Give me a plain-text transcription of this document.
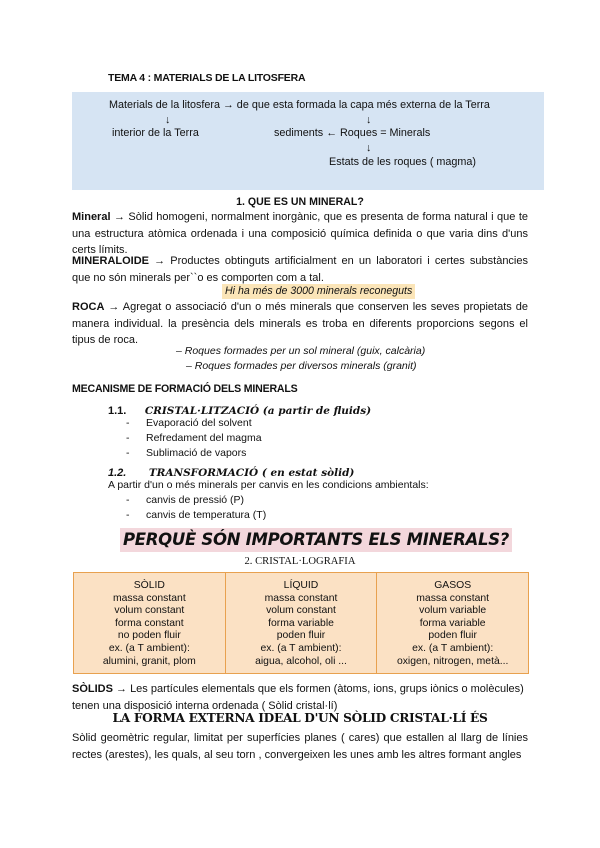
TEMA 4 : MATERIALS DE LA LITOSFERA
Materials de la litosfera → de que esta formada la capa més externa de la Terra
↓	↓
interior de la Terra	sediments ← Roques = Minerals
↓
Estats de les roques ( magma)
1. QUE ES UN MINERAL?
Mineral → Sòlid homogeni, normalment inorgànic, que es presenta de forma natural i que te una estructura atòmica ordenada i una composició química definida o que varia dins d'uns certs límits.
MINERALOIDE → Productes obtinguts artificialment en un laboratori i certes substàncies que no són minerals per``o es comporten com a tal.
Hi ha més de 3000 minerals reconeguts
ROCA → Agregat o associació d'un o més minerals que conserven les seves propietats de manera individual. la presència dels minerals es troba en diferents proporcions segons el tipus de roca.
– Roques formades per un sol mineral (guix, calcària)
– Roques formades per diversos minerals (granit)
MECANISME DE FORMACIÓ DELS MINERALS
1.1. CRISTAL·LITZACIÓ (a partir de fluids)
- Evaporació del solvent
- Refredament del magma
- Sublimació de vapors
1.2. TRANSFORMACIÓ ( en estat sòlid)
A partir d'un o més minerals per canvis en les condicions ambientals:
- canvis de pressió (P)
- canvis de temperatura (T)
PERQUÈ SÓN IMPORTANTS ELS MINERALS?
2. CRISTAL·LOGRAFIA
SÒLID
massa constant
volum constant
forma constant
no poden fluir
ex. (a T ambient):
alumini, granit, plom
LÍQUID
massa constant
volum constant
forma variable
poden fluir
ex. (a T ambient):
aigua, alcohol, oli ...
GASOS
massa constant
volum variable
forma variable
poden fluir
ex. (a T ambient):
oxigen, nitrogen, metà...
SÒLIDS → Les partícules elementals que els formen (àtoms, ions, grups iònics o molècules) tenen una disposició interna ordenada ( Sòlid cristal·lí)
LA FORMA EXTERNA IDEAL D'UN SÒLID CRISTAL·LÍ ÉS
Sòlid geomètric regular, limitat per superfícies planes ( cares) que estallen al llarg de línies rectes (arestes), les quals, al seu torn , convergeixen les unes amb les altres formant angles
